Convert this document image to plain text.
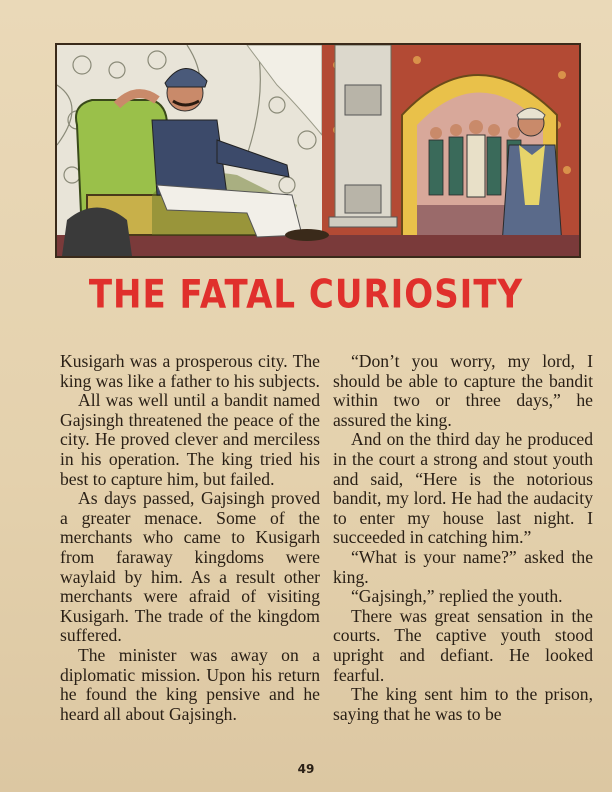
THE FATAL CURIOSITY

Kusigarh was a prosperous city. The king was like a father to his subjects.

All was well until a bandit named Gajsingh threatened the peace of the city. He proved clever and merciless in his operation. The king tried his best to capture him, but failed.

As days passed, Gajsingh proved a greater menace. Some of the merchants who came to Kusigarh from faraway kingdoms were waylaid by him. As a result other merchants were afraid of visiting Kusigarh. The trade of the kingdom suffered.

The minister was away on a diplomatic mission. Upon his return he found the king pensive and he heard all about Gajsingh.

“Don’t you worry, my lord, I should be able to capture the bandit within two or three days,” he assured the king.

And on the third day he produced in the court a strong and stout youth and said, “Here is the notorious bandit, my lord. He had the audacity to enter my house last night. I succeeded in catching him.”

“What is your name?” asked the king.

“Gajsingh,” replied the youth.

There was great sensation in the courts. The captive youth stood upright and defiant. He looked fearful.

The king sent him to the prison, saying that he was to be

49
